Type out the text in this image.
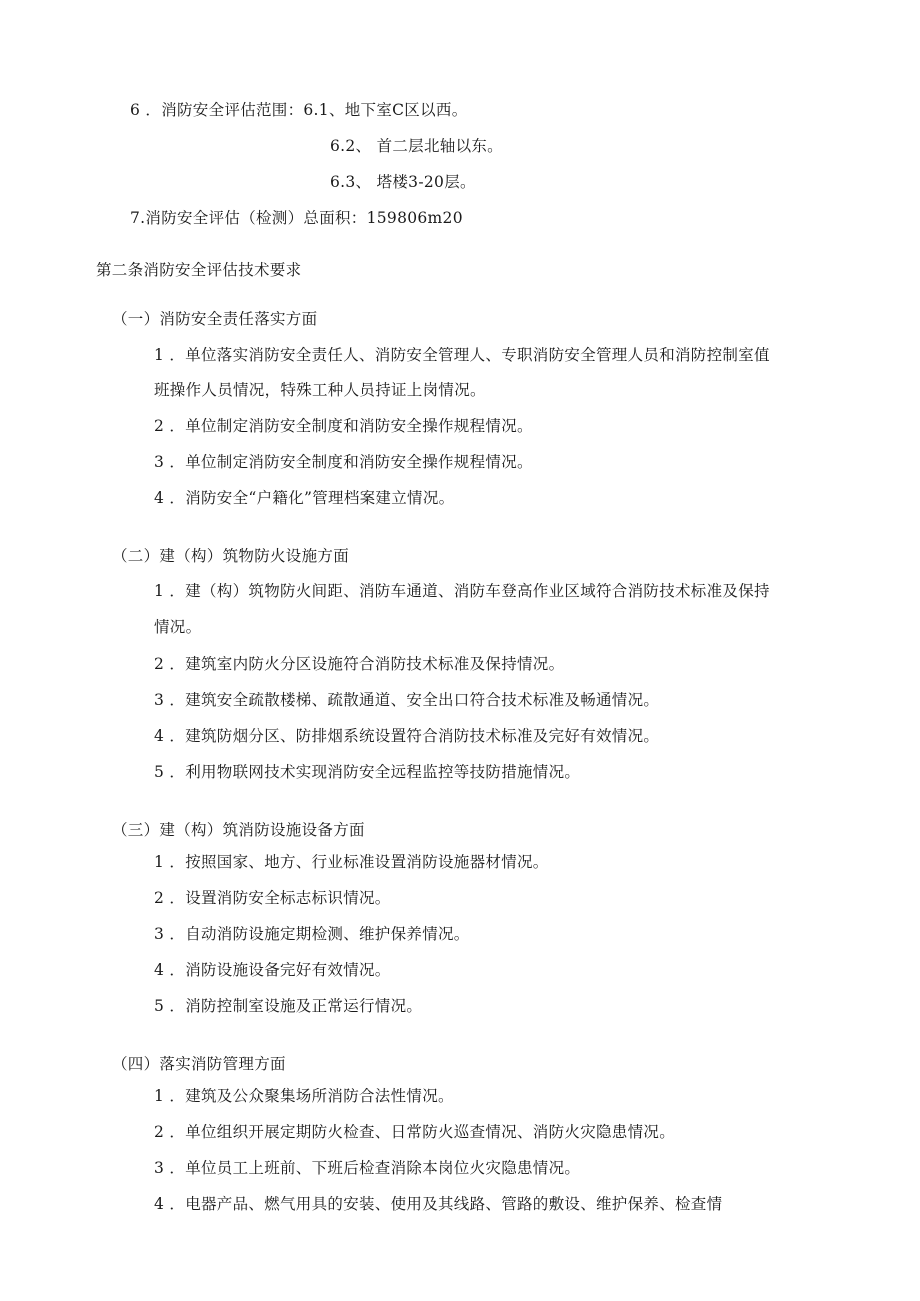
6 ．消防安全评估范围：6.1、地下室C区以西。
6.2、 首二层北轴以东。
6.3、 塔楼3-20层。
7.消防安全评估（检测）总面积：159806m20
第二条消防安全评估技术要求
（一）消防安全责任落实方面
1 ．单位落实消防安全责任人、消防安全管理人、专职消防安全管理人员和消防控制室值
班操作人员情况，特殊工种人员持证上岗情况。
2 ．单位制定消防安全制度和消防安全操作规程情况。
3 ．单位制定消防安全制度和消防安全操作规程情况。
4 ．消防安全“户籍化”管理档案建立情况。
（二）建（构）筑物防火设施方面
1 ．建（构）筑物防火间距、消防车通道、消防车登高作业区域符合消防技术标准及保持
情况。
2 ．建筑室内防火分区设施符合消防技术标准及保持情况。
3 ．建筑安全疏散楼梯、疏散通道、安全出口符合技术标准及畅通情况。
4 ．建筑防烟分区、防排烟系统设置符合消防技术标准及完好有效情况。
5 ．利用物联网技术实现消防安全远程监控等技防措施情况。
（三）建（构）筑消防设施设备方面
1 ．按照国家、地方、行业标准设置消防设施器材情况。
2 ．设置消防安全标志标识情况。
3 ．自动消防设施定期检测、维护保养情况。
4 ．消防设施设备完好有效情况。
5 ．消防控制室设施及正常运行情况。
（四）落实消防管理方面
1 ．建筑及公众聚集场所消防合法性情况。
2 ．单位组织开展定期防火检查、日常防火巡查情况、消防火灾隐患情况。
3 ．单位员工上班前、下班后检查消除本岗位火灾隐患情况。
4 ．电器产品、燃气用具的安装、使用及其线路、管路的敷设、维护保养、检查情
